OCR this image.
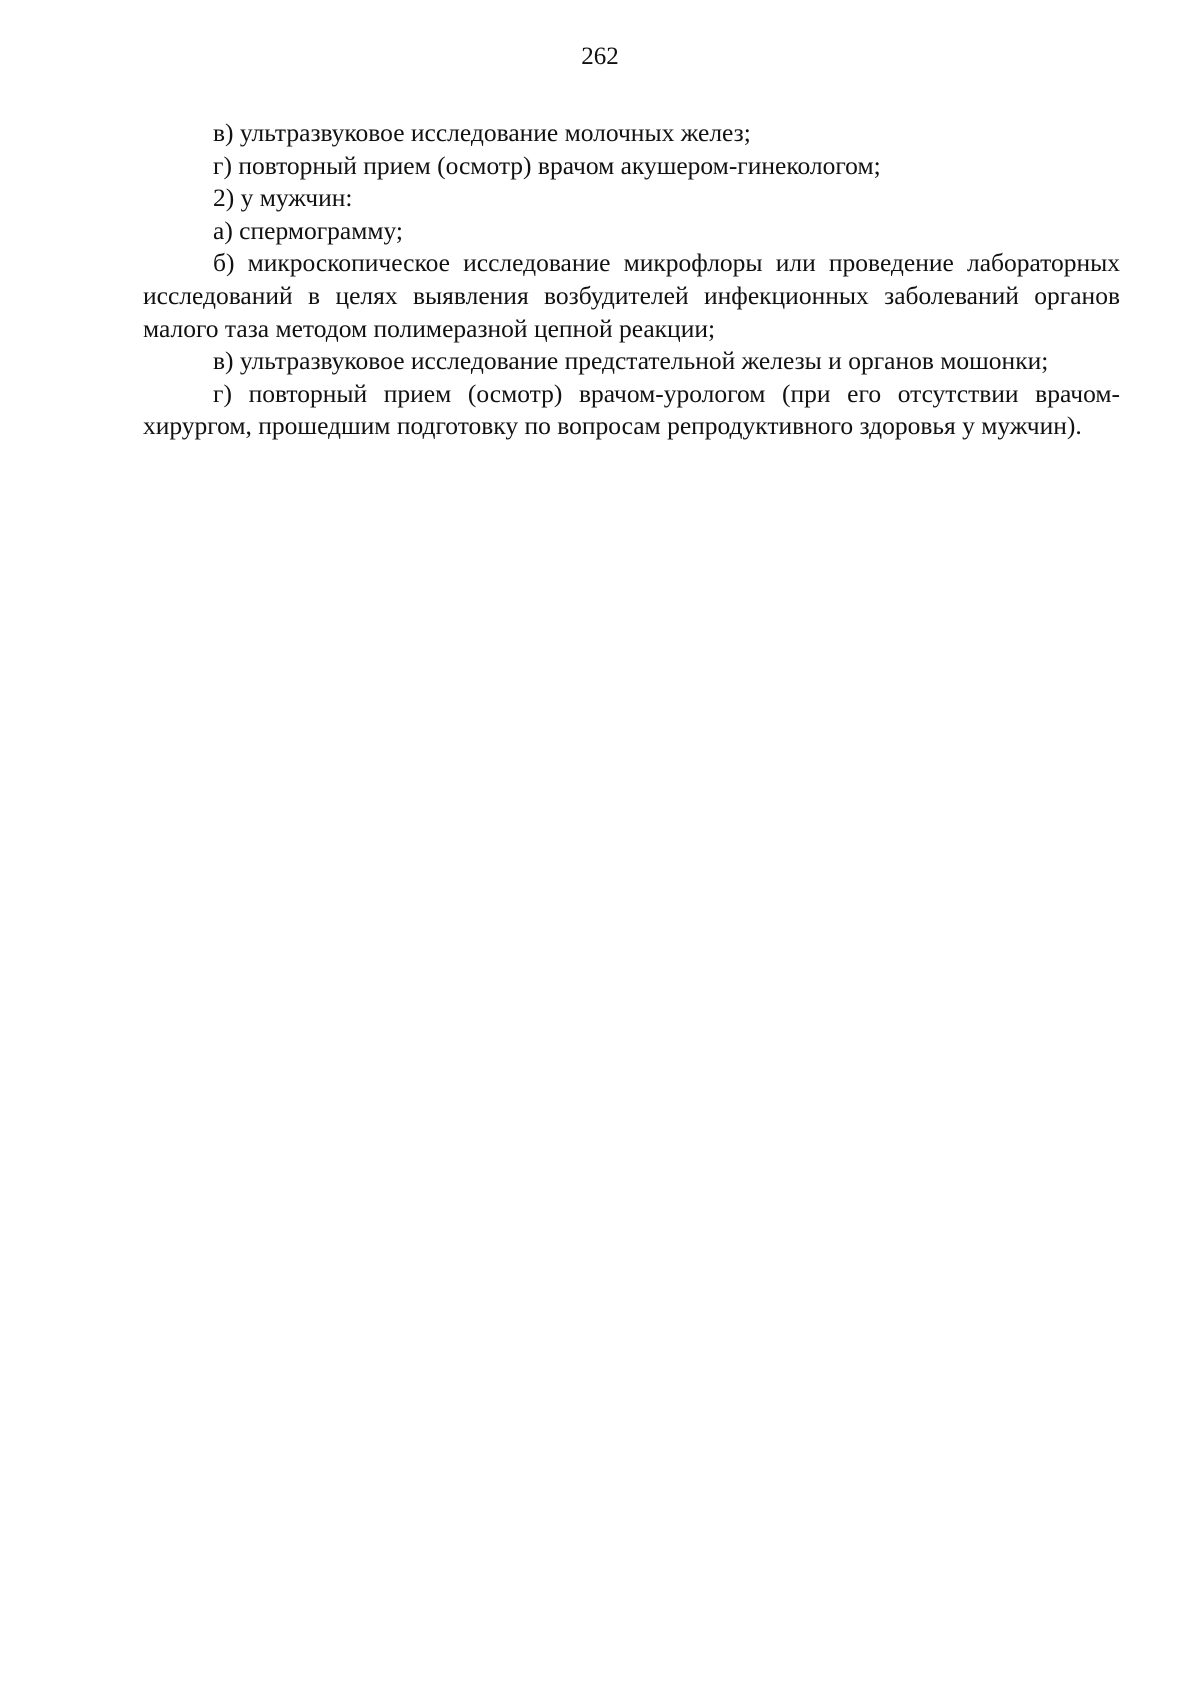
262

в) ультразвуковое исследование молочных желез;

г) повторный прием (осмотр) врачом акушером-гинекологом;

2) у мужчин:

а) спермограмму;

б) микроскопическое исследование микрофлоры или проведение лабораторных исследований в целях выявления возбудителей инфекционных заболеваний органов малого таза методом полимеразной цепной реакции;

в) ультразвуковое исследование предстательной железы и органов мошонки;

г) повторный прием (осмотр) врачом-урологом (при его отсутствии врачом-хирургом, прошедшим подготовку по вопросам репродуктивного здоровья у мужчин).
